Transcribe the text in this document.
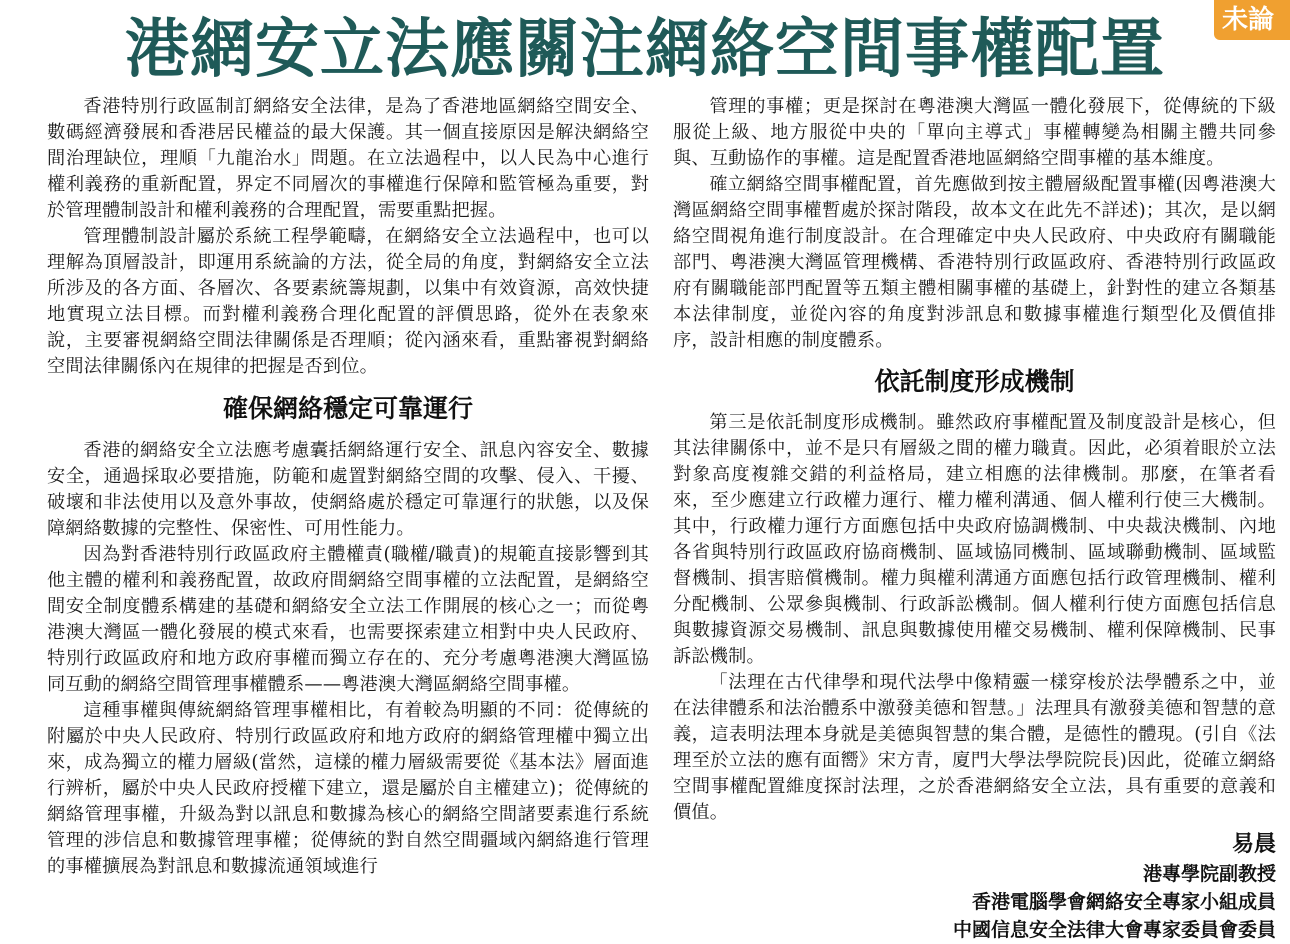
港網安立法應關注網絡空間事權配置	未論

香港特別行政區制訂網絡安全法律，是為了香港地區網絡空間安全、數碼經濟發展和香港居民權益的最大保護。其一個直接原因是解決網絡空間治理缺位，理順「九龍治水」問題。在立法過程中，以人民為中心進行權利義務的重新配置，界定不同層次的事權進行保障和監管極為重要，對於管理體制設計和權利義務的合理配置，需要重點把握。

管理體制設計屬於系統工程學範疇，在網絡安全立法過程中，也可以理解為頂層設計，即運用系統論的方法，從全局的角度，對網絡安全立法所涉及的各方面、各層次、各要素統籌規劃，以集中有效資源，高效快捷地實現立法目標。而對權利義務合理化配置的評價思路，從外在表象來說，主要審視網絡空間法律關係是否理順；從內涵來看，重點審視對網絡空間法律關係內在規律的把握是否到位。

確保網絡穩定可靠運行

香港的網絡安全立法應考慮囊括網絡運行安全、訊息內容安全、數據安全，通過採取必要措施，防範和處置對網絡空間的攻擊、侵入、干擾、破壞和非法使用以及意外事故，使網絡處於穩定可靠運行的狀態，以及保障網絡數據的完整性、保密性、可用性能力。

因為對香港特別行政區政府主體權責(職權/職責)的規範直接影響到其他主體的權利和義務配置，故政府間網絡空間事權的立法配置，是網絡空間安全制度體系構建的基礎和網絡安全立法工作開展的核心之一；而從粵港澳大灣區一體化發展的模式來看，也需要探索建立相對中央人民政府、特別行政區政府和地方政府事權而獨立存在的、充分考慮粵港澳大灣區協同互動的網絡空間管理事權體系——粵港澳大灣區網絡空間事權。

這種事權與傳統網絡管理事權相比，有着較為明顯的不同：從傳統的附屬於中央人民政府、特別行政區政府和地方政府的網絡管理權中獨立出來，成為獨立的權力層級(當然，這樣的權力層級需要從《基本法》層面進行辨析，屬於中央人民政府授權下建立，還是屬於自主權建立)；從傳統的網絡管理事權，升級為對以訊息和數據為核心的網絡空間諸要素進行系統管理的涉信息和數據管理事權；從傳統的對自然空間疆域內網絡進行管理的事權擴展為對訊息和數據流通領域進行

管理的事權；更是探討在粵港澳大灣區一體化發展下，從傳統的下級服從上級、地方服從中央的「單向主導式」事權轉變為相關主體共同參與、互動協作的事權。這是配置香港地區網絡空間事權的基本維度。

確立網絡空間事權配置，首先應做到按主體層級配置事權(因粵港澳大灣區網絡空間事權暫處於探討階段，故本文在此先不詳述)；其次，是以網絡空間視角進行制度設計。在合理確定中央人民政府、中央政府有關職能部門、粵港澳大灣區管理機構、香港特別行政區政府、香港特別行政區政府有關職能部門配置等五類主體相關事權的基礎上，針對性的建立各類基本法律制度，並從內容的角度對涉訊息和數據事權進行類型化及價值排序，設計相應的制度體系。

依託制度形成機制

第三是依託制度形成機制。雖然政府事權配置及制度設計是核心，但其法律關係中，並不是只有層級之間的權力職責。因此，必須着眼於立法對象高度複雜交錯的利益格局，建立相應的法律機制。那麼，在筆者看來，至少應建立行政權力運行、權力權利溝通、個人權利行使三大機制。其中，行政權力運行方面應包括中央政府協調機制、中央裁決機制、內地各省與特別行政區政府協商機制、區域協同機制、區域聯動機制、區域監督機制、損害賠償機制。權力與權利溝通方面應包括行政管理機制、權利分配機制、公眾參與機制、行政訴訟機制。個人權利行使方面應包括信息與數據資源交易機制、訊息與數據使用權交易機制、權利保障機制、民事訴訟機制。

「法理在古代律學和現代法學中像精靈一樣穿梭於法學體系之中，並在法律體系和法治體系中激發美德和智慧。」法理具有激發美德和智慧的意義，這表明法理本身就是美德與智慧的集合體，是德性的體現。(引自《法理至於立法的應有面嚮》宋方青，廈門大學法學院院長)因此，從確立網絡空間事權配置維度探討法理，之於香港網絡安全立法，具有重要的意義和價值。

易晨
港專學院副教授
香港電腦學會網絡安全專家小組成員
中國信息安全法律大會專家委員會委員
